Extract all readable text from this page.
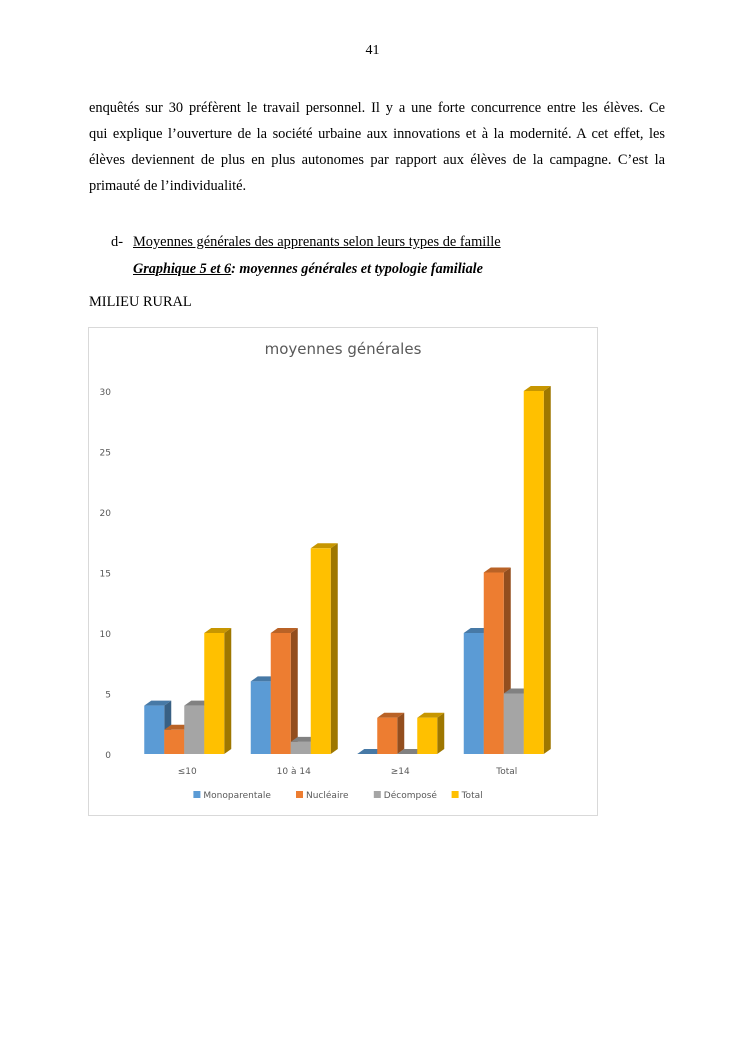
41
enquêtés sur 30 préfèrent le travail personnel. Il y a une forte concurrence entre les élèves. Ce
qui explique l’ouverture de la société urbaine aux innovations et à la modernité. A cet effet, les
élèves deviennent de plus en plus autonomes par rapport aux élèves de la campagne. C’est la
primauté de l’individualité.
d- Moyennes générales des apprenants selon leurs types de famille
Graphique 5 et 6: moyennes générales et typologie familiale
MILIEU RURAL
moyennes générales
0
5
10
15
20
25
30
≤10	10 à 14	≥14	Total
Monoparentale	Nucléaire	Décomposé	Total
